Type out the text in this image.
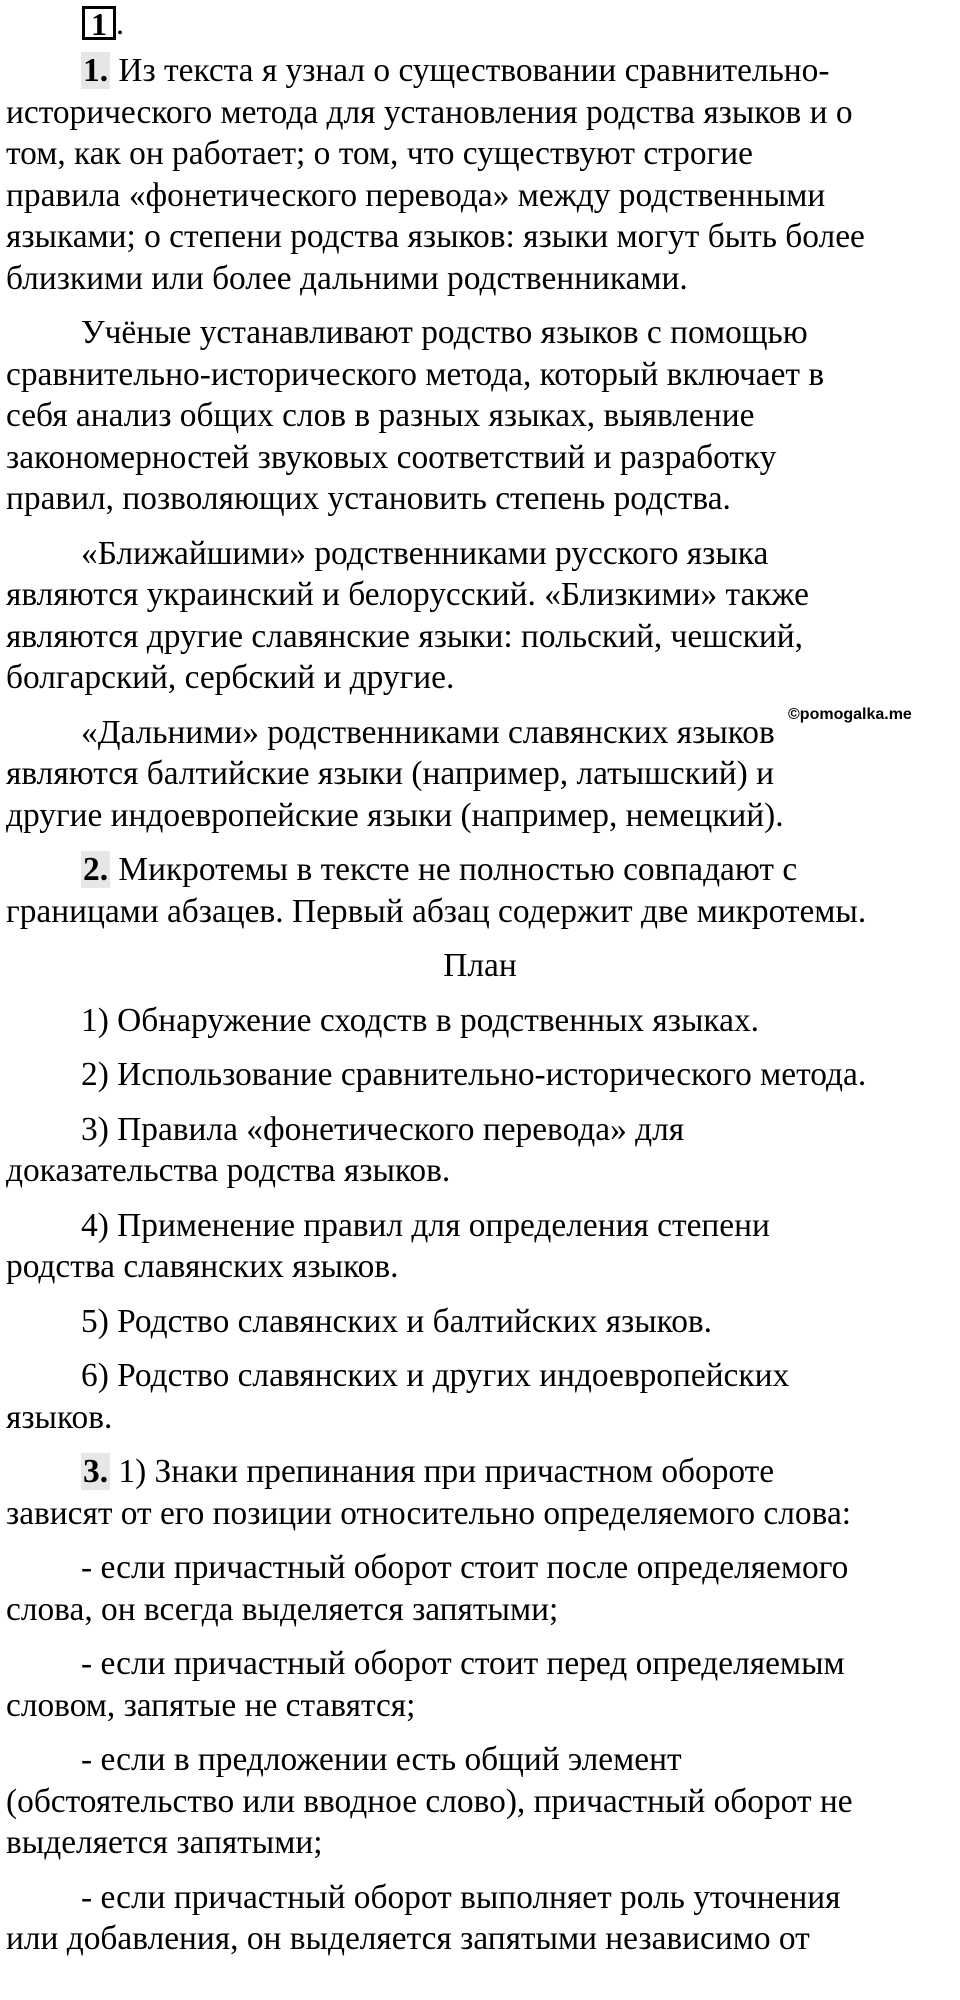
1 .
1. Из текста я узнал о существовании сравнительно-
исторического метода для установления родства языков и о
том, как он работает; о том, что существуют строгие
правила «фонетического перевода» между родственными
языками; о степени родства языков: языки могут быть более
близкими или более дальними родственниками.
Учёные устанавливают родство языков с помощью
сравнительно-исторического метода, который включает в
себя анализ общих слов в разных языках, выявление
закономерностей звуковых соответствий и разработку
правил, позволяющих установить степень родства.
«Ближайшими» родственниками русского языка
являются украинский и белорусский. «Близкими» также
являются другие славянские языки: польский, чешский,
болгарский, сербский и другие.
«Дальними» родственниками славянских языков
являются балтийские языки (например, латышский) и
другие индоевропейские языки (например, немецкий).
2. Микротемы в тексте не полностью совпадают с
границами абзацев. Первый абзац содержит две микротемы.
План
1) Обнаружение сходств в родственных языках.
2) Использование сравнительно-исторического метода.
3) Правила «фонетического перевода» для
доказательства родства языков.
4) Применение правил для определения степени
родства славянских языков.
5) Родство славянских и балтийских языков.
6) Родство славянских и других индоевропейских
языков.
3. 1) Знаки препинания при причастном обороте
зависят от его позиции относительно определяемого слова:
- если причастный оборот стоит после определяемого
слова, он всегда выделяется запятыми;
- если причастный оборот стоит перед определяемым
словом, запятые не ставятся;
- если в предложении есть общий элемент
(обстоятельство или вводное слово), причастный оборот не
выделяется запятыми;
- если причастный оборот выполняет роль уточнения
или добавления, он выделяется запятыми независимо от
©pomogalka.me
